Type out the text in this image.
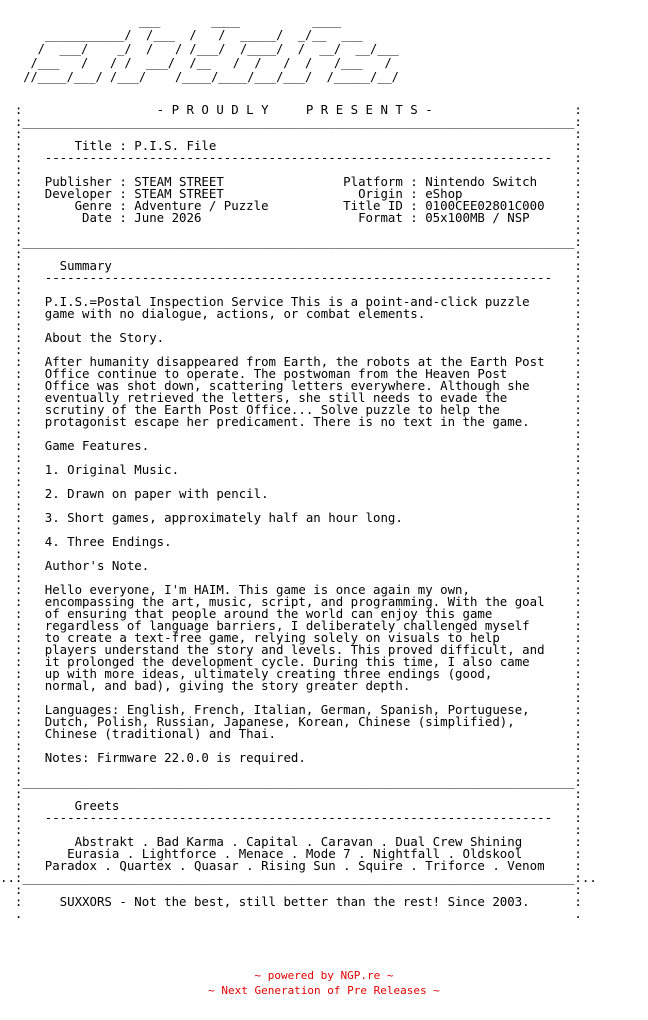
___       ____          ____
___________/  /___  /   /  _____/  _/__  ___
/  ___/    _/  /   / /___/  /____/  /  __/  __/___
/___   /   / /  ___/  /__   /  /   /  /   /___   /
//____/___/ /___/    /____/____/___/___/  /_____/__/
:                  - P R O U D L Y     P R E S E N T S -                   :
:__________________________________________________________________________:
:                                                                          :
:       Title : P.I.S. File                                                :
:   --------------------------------------------------------------------   :
:                                                                          :
:   Publisher : STEAM STREET                Platform : Nintendo Switch     :
:   Developer : STEAM STREET                  Origin : eShop               :
:       Genre : Adventure / Puzzle          Title ID : 0100CEE02801C000    :
:        Date : June 2026                     Format : 05x100MB / NSP      :
:                                                                          :
:__________________________________________________________________________:
:                                                                          :
:     Summary                                                              :
:   --------------------------------------------------------------------   :
:                                                                          :
:   P.I.S.=Postal Inspection Service This is a point-and-click puzzle      :
:   game with no dialogue, actions, or combat elements.                    :
:                                                                          :
:   About the Story.                                                       :
:                                                                          :
:   After humanity disappeared from Earth, the robots at the Earth Post    :
:   Office continue to operate. The postwoman from the Heaven Post         :
:   Office was shot down, scattering letters everywhere. Although she      :
:   eventually retrieved the letters, she still needs to evade the         :
:   scrutiny of the Earth Post Office... Solve puzzle to help the          :
:   protagonist escape her predicament. There is no text in the game.      :
:                                                                          :
:   Game Features.                                                         :
:                                                                          :
:   1. Original Music.                                                     :
:                                                                          :
:   2. Drawn on paper with pencil.                                         :
:                                                                          :
:   3. Short games, approximately half an hour long.                       :
:                                                                          :
:   4. Three Endings.                                                      :
:                                                                          :
:   Author's Note.                                                         :
:                                                                          :
:   Hello everyone, I'm HAIM. This game is once again my own,              :
:   encompassing the art, music, script, and programming. With the goal    :
:   of ensuring that people around the world can enjoy this game           :
:   regardless of language barriers, I deliberately challenged myself      :
:   to create a text-free game, relying solely on visuals to help          :
:   players understand the story and levels. This proved difficult, and    :
:   it prolonged the development cycle. During this time, I also came      :
:   up with more ideas, ultimately creating three endings (good,           :
:   normal, and bad), giving the story greater depth.                      :
:                                                                          :
:   Languages: English, French, Italian, German, Spanish, Portuguese,      :
:   Dutch, Polish, Russian, Japanese, Korean, Chinese (simplified),        :
:   Chinese (traditional) and Thai.                                        :
:                                                                          :
:   Notes: Firmware 22.0.0 is required.                                    :
:                                                                          :
:__________________________________________________________________________:
:                                                                          :
:       Greets                                                             :
:   --------------------------------------------------------------------   :
:                                                                          :
:       Abstrakt . Bad Karma . Capital . Caravan . Dual Crew Shining       :
:      Eurasia . Lightforce . Menace . Mode 7 . Nightfall . Oldskool       :
:   Paradox . Quartex . Quasar . Rising Sun . Squire . Triforce . Venom    :
..:__________________________________________________________________________:..
:                                                                          :
:     SUXXORS - Not the best, still better than the rest! Since 2003.      :
.                                                                          .
~ powered by NGP.re ~
~ Next Generation of Pre Releases ~
